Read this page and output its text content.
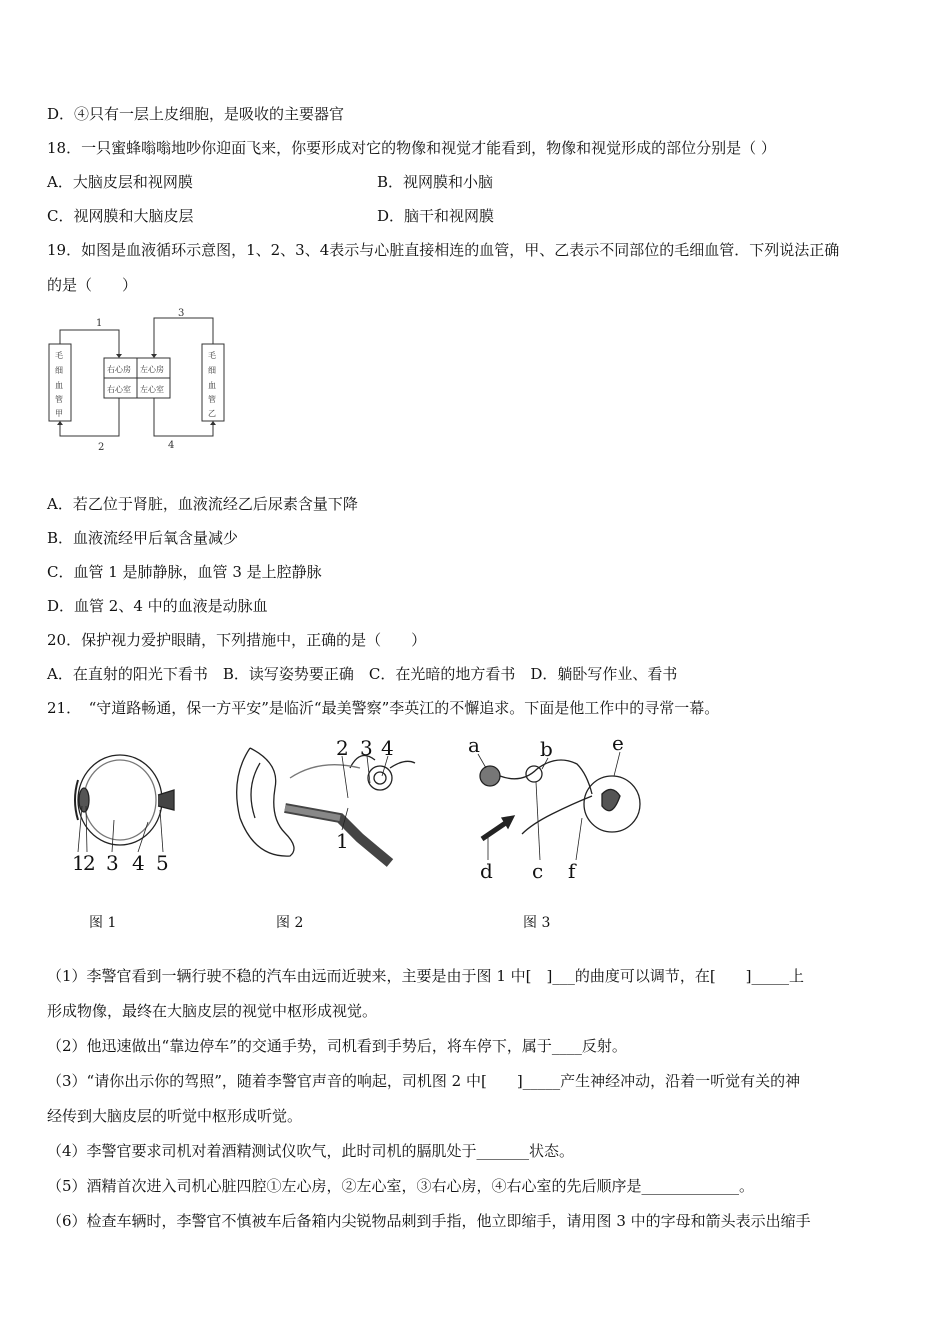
D．④只有一层上皮细胞，是吸收的主要器官
18．一只蜜蜂嗡嗡地吵你迎面飞来，你要形成对它的物像和视觉才能看到，物像和视觉形成的部位分别是（ ）
A．大脑皮层和视网膜	B．视网膜和小脑
C．视网膜和大脑皮层	D．脑干和视网膜
19．如图是血液循环示意图，1、2、3、4表示与心脏直接相连的血管，甲、乙表示不同部位的毛细血管．下列说法正确
的是（　　）
1
3
2	4
毛
细
血
管
甲
毛
细
血
管
乙
右心房 左心房
右心室 左心室
A．若乙位于肾脏，血液流经乙后尿素含量下降
B．血液流经甲后氧含量减少
C．血管 1 是肺静脉，血管 3 是上腔静脉
D．血管 2、4 中的血液是动脉血
20．保护视力爱护眼睛，下列措施中，正确的是（　　）
A．在直射的阳光下看书　B．读写姿势要正确　C．在光暗的地方看书　D．躺卧写作业、看书
21．　“守道路畅通，保一方平安”是临沂“最美警察”李英江的不懈追求。下面是他工作中的寻常一幕。
1
2 3 4 5
2 3 4
1
a	b	e
d c f
图 1	图 2	图 3
（1）李警官看到一辆行驶不稳的汽车由远而近驶来，主要是由于图 1 中[　]___的曲度可以调节，在[　　]_____上
形成物像，最终在大脑皮层的视觉中枢形成视觉。
（2）他迅速做出“靠边停车”的交通手势，司机看到手势后，将车停下，属于____反射。
（3）“请你出示你的驾照”，随着李警官声音的响起，司机图 2 中[　　]_____产生神经冲动，沿着一听觉有关的神
经传到大脑皮层的听觉中枢形成听觉。
（4）李警官要求司机对着酒精测试仪吹气，此时司机的膈肌处于_______状态。
（5）酒精首次进入司机心脏四腔①左心房，②左心室，③右心房，④右心室的先后顺序是_____________。
（6）检查车辆时，李警官不慎被车后备箱内尖锐物品刺到手指，他立即缩手，请用图 3 中的字母和箭头表示出缩手
